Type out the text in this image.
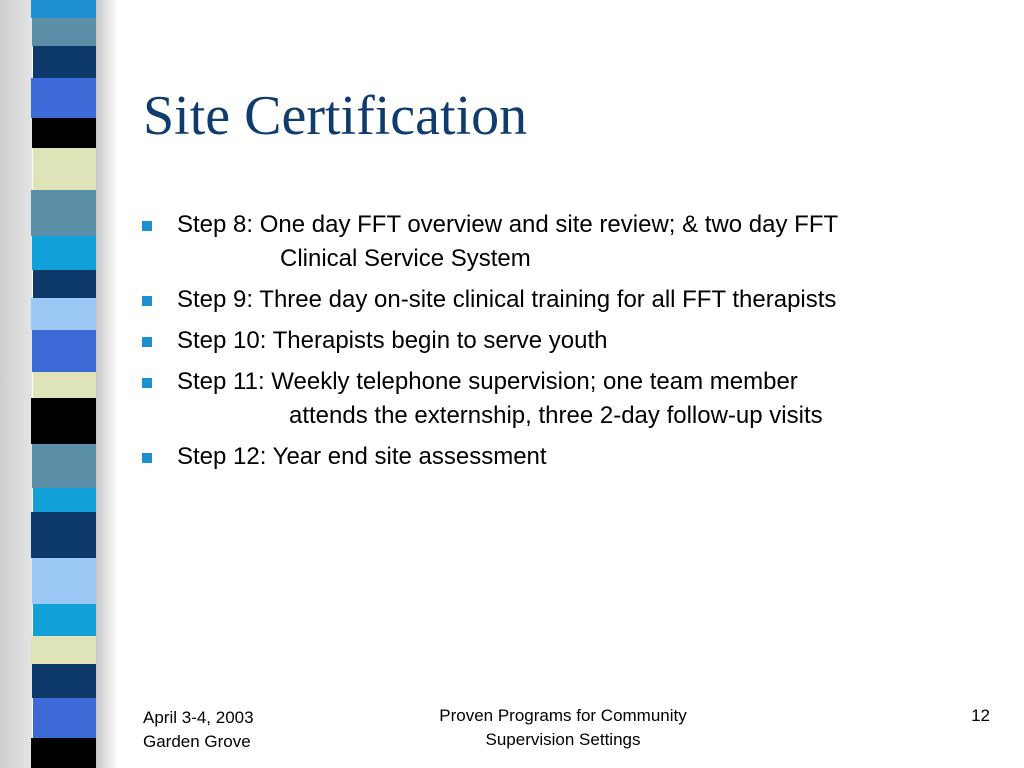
Site Certification
Step 8: One day FFT overview and site review; & two day FFT
Clinical Service System
Step 9: Three day on-site clinical training for all FFT therapists
Step 10: Therapists begin to serve youth
Step 11: Weekly telephone supervision; one team member
attends the externship, three 2-day follow-up visits
Step 12: Year end site assessment
April 3-4, 2003
Garden Grove
Proven Programs for Community
Supervision Settings
12
